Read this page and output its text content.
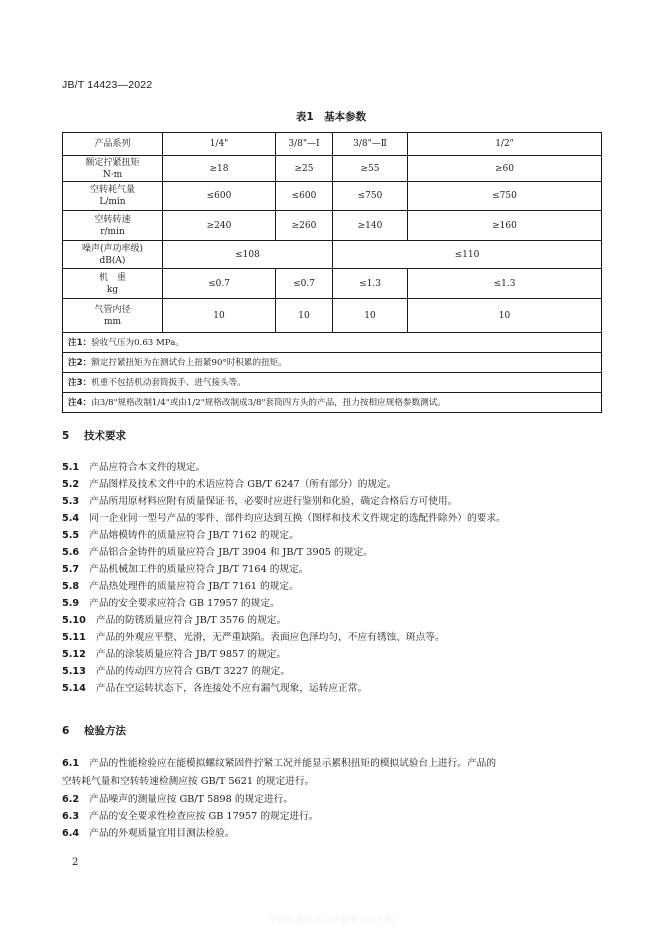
JB/T 14423—2022
表1　基本参数
产品系列	1/4"	3/8"—Ⅰ	3/8"—Ⅱ	1/2"

额定拧紧扭矩
N·m	≥18	≥25	≥55	≥60

空转耗气量
L/min	≤600	≤600	≤750	≤750

空转转速
r/min	≥240	≥260	≥140	≥160

噪声(声功率级)
dB(A)	≤108		≤110	

机　重
kg	≤0.7	≤0.7	≤1.3	≤1.3

气管内径
mm	10	10	10	10
注1：验收气压为0.63 MPa。				
注2：额定拧紧扭矩为在测试台上扭紧90°时积累的扭矩。				
注3：机重不包括机动套筒扳手、进气接头等。				
注4：由3/8"规格改制1/4"或由1/2"规格改制成3/8"套筒四方头的产品，扭力按相应规格参数测试。				
5 技术要求
5.1 产品应符合本文件的规定。
5.2 产品图样及技术文件中的术语应符合 GB/T 6247（所有部分）的规定。
5.3 产品所用原材料应附有质量保证书，必要时应进行鉴别和化验，确定合格后方可使用。
5.4 同一企业同一型号产品的零件、部件均应达到互换（图样和技术文件规定的选配件除外）的要求。
5.5 产品熔模铸件的质量应符合 JB/T 7162 的规定。
5.6 产品铝合金铸件的质量应符合 JB/T 3904 和 JB/T 3905 的规定。
5.7 产品机械加工件的质量应符合 JB/T 7164 的规定。
5.8 产品热处理件的质量应符合 JB/T 7161 的规定。
5.9 产品的安全要求应符合 GB 17957 的规定。
5.10 产品的防锈质量应符合 JB/T 3576 的规定。
5.11 产品的外观应平整、光滑，无严重缺陷。表面应色泽均匀，不应有锈蚀、斑点等。
5.12 产品的涂装质量应符合 JB/T 9857 的规定。
5.13 产品的传动四方应符合 GB/T 3227 的规定。
5.14 产品在空运转状态下，各连接处不应有漏气现象，运转应正常。
6 检验方法
6.1 产品的性能检验应在能模拟螺纹紧固件拧紧工况并能显示累积扭矩的模拟试验台上进行。产品的
空转耗气量和空转转速检测应按 GB/T 5621 的规定进行。
6.2 产品噪声的测量应按 GB/T 5898 的规定进行。
6.3 产品的安全要求性检查应按 GB 17957 的规定进行。
6.4 产品的外观质量宜用目测法检验。
2
全国标准信息公共服务平台下载
